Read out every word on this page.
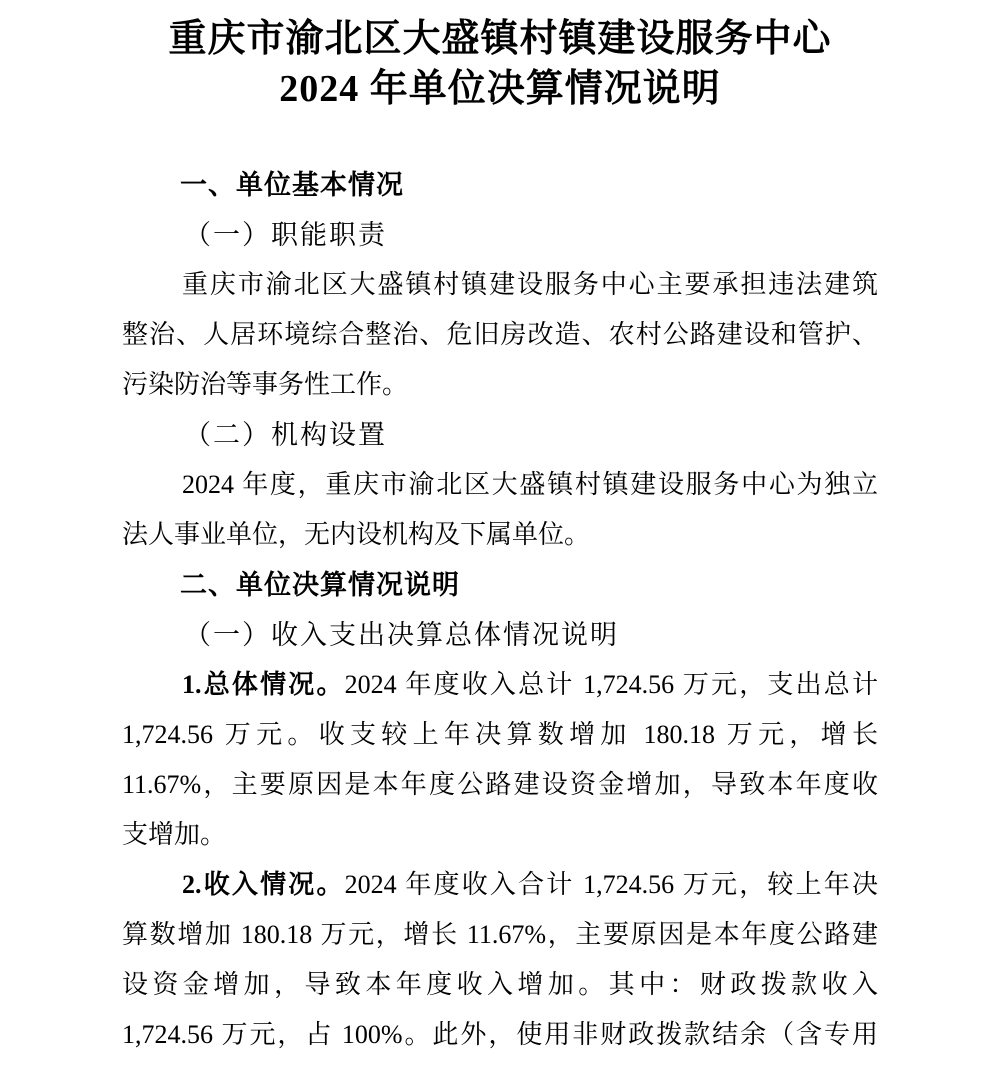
重庆市渝北区大盛镇村镇建设服务中心
2024 年单位决算情况说明
一、单位基本情况
（一）职能职责
重庆市渝北区大盛镇村镇建设服务中心主要承担违法建筑
整治、人居环境综合整治、危旧房改造、农村公路建设和管护、
污染防治等事务性工作。
（二）机构设置
2024 年度，重庆市渝北区大盛镇村镇建设服务中心为独立
法人事业单位，无内设机构及下属单位。
二、单位决算情况说明
（一）收入支出决算总体情况说明
1.总体情况。2024 年度收入总计 1,724.56 万元，支出总计
1,724.56 万元。收支较上年决算数增加 180.18 万元，增长
11.67%，主要原因是本年度公路建设资金增加，导致本年度收
支增加。
2.收入情况。2024 年度收入合计 1,724.56 万元，较上年决
算数增加 180.18 万元，增长 11.67%，主要原因是本年度公路建
设资金增加，导致本年度收入增加。其中：财政拨款收入
1,724.56 万元，占 100%。此外，使用非财政拨款结余（含专用
